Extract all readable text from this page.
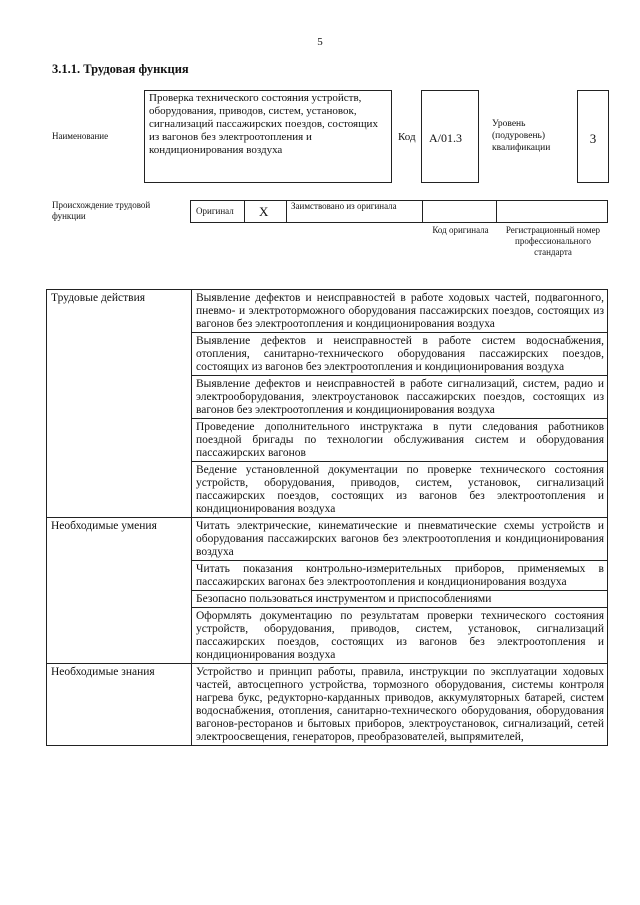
5
3.1.1. Трудовая функция
Наименование
Проверка технического состояния устройств, оборудования, приводов, систем, установок, сигнализаций пассажирских поездов, состоящих из вагонов без электроотопления и кондиционирования воздуха
Код A/01.3
Уровень (подуровень) квалификации
3
Происхождение трудовой функции	Оригинал X	Заимствовано из оригинала
Код оригинала	Регистрационный номер профессионального стандарта
Трудовые действия	Выявление дефектов и неисправностей в работе ходовых частей, подвагонного, пневмо- и электроторможного оборудования пассажирских поездов, состоящих из вагонов без электроотопления и кондиционирования воздуха
	Выявление дефектов и неисправностей в работе систем водоснабжения, отопления, санитарно-технического оборудования пассажирских поездов, состоящих из вагонов без электроотопления и кондиционирования воздуха
	Выявление дефектов и неисправностей в работе сигнализаций, систем, радио и электрооборудования, электроустановок пассажирских поездов, состоящих из вагонов без электроотопления и кондиционирования воздуха
	Проведение дополнительного инструктажа в пути следования работников поездной бригады по технологии обслуживания систем и оборудования пассажирских вагонов
	Ведение установленной документации по проверке технического состояния устройств, оборудования, приводов, систем, установок, сигнализаций пассажирских поездов, состоящих из вагонов без электроотопления и кондиционирования воздуха
Необходимые умения	Читать электрические, кинематические и пневматические схемы устройств и оборудования пассажирских вагонов без электроотопления и кондиционирования воздуха
	Читать показания контрольно-измерительных приборов, применяемых в пассажирских вагонах без электроотопления и кондиционирования воздуха
	Безопасно пользоваться инструментом и приспособлениями
	Оформлять документацию по результатам проверки технического состояния устройств, оборудования, приводов, систем, установок, сигнализаций пассажирских поездов, состоящих из вагонов без электроотопления и кондиционирования воздуха
Необходимые знания	Устройство и принцип работы, правила, инструкции по эксплуатации ходовых частей, автосцепного устройства, тормозного оборудования, системы контроля нагрева букс, редукторно-карданных приводов, аккумуляторных батарей, систем водоснабжения, отопления, санитарно-технического оборудования, оборудования вагонов-ресторанов и бытовых приборов, электроустановок, сигнализаций, сетей электроосвещения, генераторов, преобразователей, выпрямителей,
